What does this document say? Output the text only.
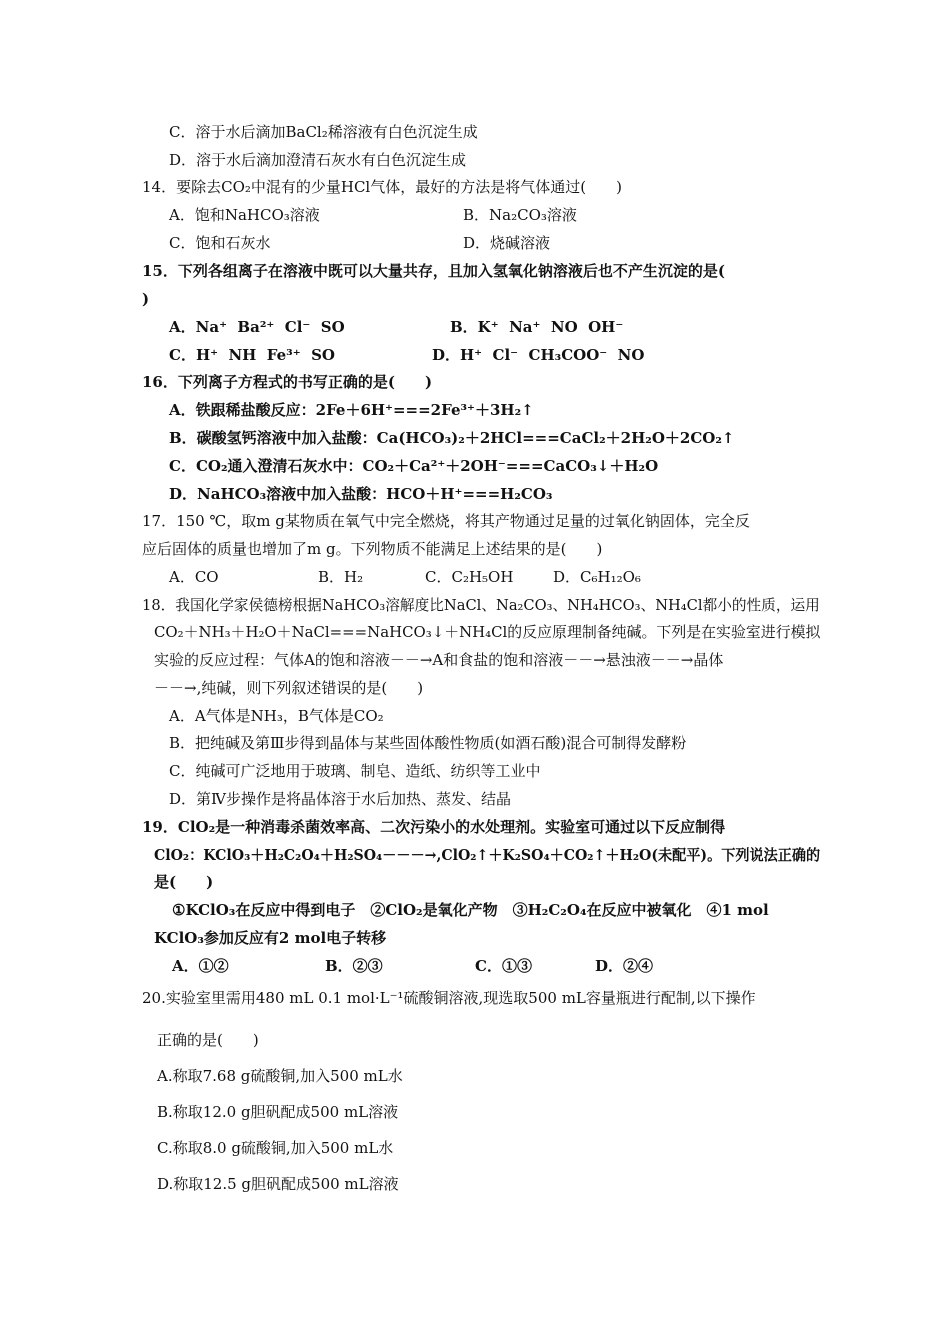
C．溶于水后滴加BaCl₂稀溶液有白色沉淀生成
D．溶于水后滴加澄清石灰水有白色沉淀生成
14．要除去CO₂中混有的少量HCl气体，最好的方法是将气体通过(　　)
A．饱和NaHCO₃溶液	B．Na₂CO₃溶液
C．饱和石灰水	D．烧碱溶液
15．下列各组离子在溶液中既可以大量共存，且加入氢氧化钠溶液后也不产生沉淀的是(
)
A．Na⁺  Ba²⁺  Cl⁻  SO	B．K⁺  Na⁺  NO  OH⁻
C．H⁺  NH  Fe³⁺  SO	D．H⁺  Cl⁻  CH₃COO⁻  NO
16．下列离子方程式的书写正确的是(　　)
A．铁跟稀盐酸反应：2Fe＋6H⁺===2Fe³⁺＋3H₂↑
B．碳酸氢钙溶液中加入盐酸：Ca(HCO₃)₂＋2HCl===CaCl₂＋2H₂O＋2CO₂↑
C．CO₂通入澄清石灰水中：CO₂＋Ca²⁺＋2OH⁻===CaCO₃↓＋H₂O
D．NaHCO₃溶液中加入盐酸：HCO＋H⁺===H₂CO₃
17．150 ℃，取m g某物质在氧气中完全燃烧，将其产物通过足量的过氧化钠固体，完全反
应后固体的质量也增加了m g。下列物质不能满足上述结果的是(　　)
A．CO	B．H₂	C．C₂H₅OH	D．C₆H₁₂O₆
18．我国化学家侯德榜根据NaHCO₃溶解度比NaCl、Na₂CO₃、NH₄HCO₃、NH₄Cl都小的性质，运用
CO₂＋NH₃＋H₂O＋NaCl===NaHCO₃↓＋NH₄Cl的反应原理制备纯碱。下列是在实验室进行模拟
实验的反应过程：气体A的饱和溶液－－→A和食盐的饱和溶液－－→悬浊液－－→晶体
－－→,纯碱，则下列叙述错误的是(　　)
A．A气体是NH₃，B气体是CO₂
B．把纯碱及第Ⅲ步得到晶体与某些固体酸性物质(如酒石酸)混合可制得发酵粉
C．纯碱可广泛地用于玻璃、制皂、造纸、纺织等工业中
D．第Ⅳ步操作是将晶体溶于水后加热、蒸发、结晶
19．ClO₂是一种消毒杀菌效率高、二次污染小的水处理剂。实验室可通过以下反应制得
ClO₂：KClO₃＋H₂C₂O₄＋H₂SO₄－－－→,ClO₂↑＋K₂SO₄＋CO₂↑＋H₂O(未配平)。下列说法正确的
是(　　)
①KClO₃在反应中得到电子　②ClO₂是氧化产物　③H₂C₂O₄在反应中被氧化　④1 mol
KClO₃参加反应有2 mol电子转移
A．①②	B．②③	C．①③	D．②④
20.实验室里需用480 mL 0.1 mol·L⁻¹硫酸铜溶液,现选取500 mL容量瓶进行配制,以下操作
正确的是(　　)
A.称取7.68 g硫酸铜,加入500 mL水
B.称取12.0 g胆矾配成500 mL溶液
C.称取8.0 g硫酸铜,加入500 mL水
D.称取12.5 g胆矾配成500 mL溶液
